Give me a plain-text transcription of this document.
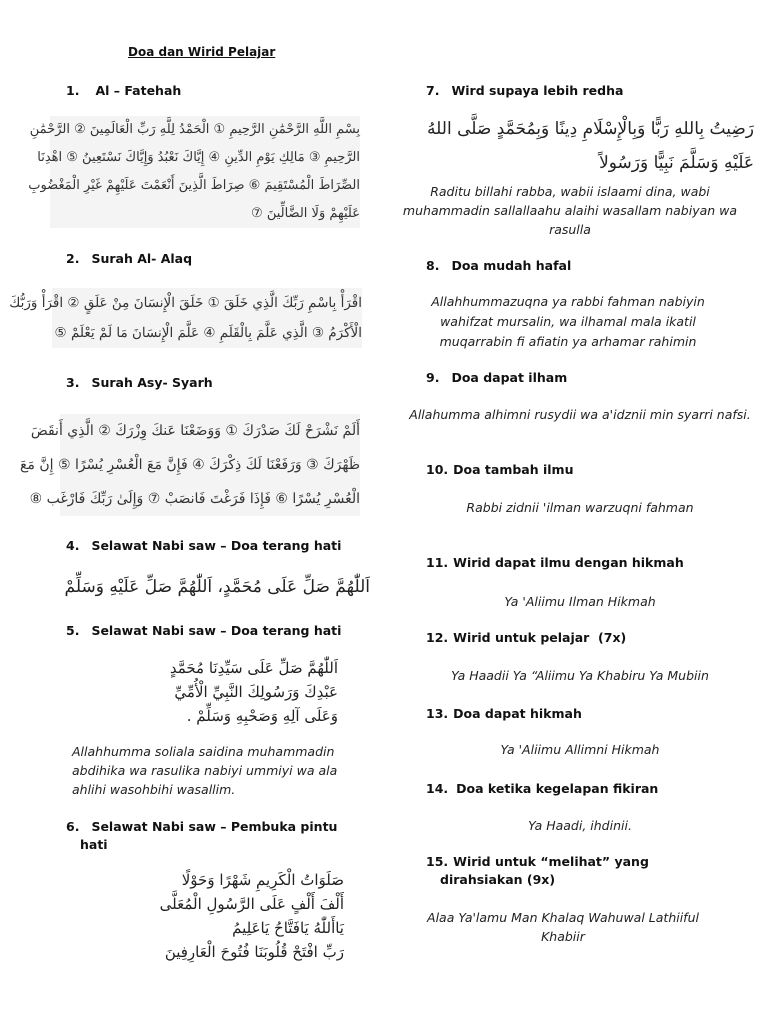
Doa dan Wirid Pelajar
1. Al – Fatehah
بِسْمِ اللَّهِ الرَّحْمَٰنِ الرَّحِيمِ ① الْحَمْدُ لِلَّهِ رَبِّ الْعَالَمِينَ ② الرَّحْمَٰنِ
الرَّحِيمِ ③ مَالِكِ يَوْمِ الدِّينِ ④ إِيَّاكَ نَعْبُدُ وَإِيَّاكَ نَسْتَعِينُ ⑤ اهْدِنَا
الصِّرَاطَ الْمُسْتَقِيمَ ⑥ صِرَاطَ الَّذِينَ أَنْعَمْتَ عَلَيْهِمْ غَيْرِ الْمَغْضُوبِ
عَلَيْهِمْ وَلَا الضَّالِّينَ ⑦
2. Surah Al- Alaq
اقْرَأْ بِاسْمِ رَبِّكَ الَّذِي خَلَقَ ① خَلَقَ الْإِنسَانَ مِنْ عَلَقٍ ② اقْرَأْ وَرَبُّكَ
الْأَكْرَمُ ③ الَّذِي عَلَّمَ بِالْقَلَمِ ④ عَلَّمَ الْإِنسَانَ مَا لَمْ يَعْلَمْ ⑤
3. Surah Asy- Syarh
أَلَمْ نَشْرَحْ لَكَ صَدْرَكَ ① وَوَضَعْنَا عَنكَ وِزْرَكَ ② الَّذِي أَنقَضَ
ظَهْرَكَ ③ وَرَفَعْنَا لَكَ ذِكْرَكَ ④ فَإِنَّ مَعَ الْعُسْرِ يُسْرًا ⑤ إِنَّ مَعَ
الْعُسْرِ يُسْرًا ⑥ فَإِذَا فَرَغْتَ فَانصَبْ ⑦ وَإِلَىٰ رَبِّكَ فَارْغَب ⑧
4. Selawat Nabi saw – Doa terang hati
اَللّٰهُمَّ صَلِّ عَلَى مُحَمَّدٍ، اَللّٰهُمَّ صَلِّ عَلَيْهِ وَسَلِّمْ
5. Selawat Nabi saw – Doa terang hati
اَللّٰهُمَّ صَلِّ عَلَى سَيِّدِنَا مُحَمَّدٍ
عَبْدِكَ وَرَسُولِكَ النَّبِيِّ الْأُمِّيِّ
وَعَلَى آلِهِ وَصَحْبِهِ وَسَلِّمْ .
Allahhumma soliala saidina muhammadin abdihika wa rasulika nabiyi ummiyi wa ala ahlihi wasohbihi wasallim.
6. Selawat Nabi saw – Pembuka pintu
hati
صَلَوَاتُ الْكَرِيمِ شَهْرًا وَحَوْلًا
أَلْفَ أَلْفٍ عَلَى الرَّسُولِ الْمُعَلَّى
يَاأَللّٰهُ يَافَتَّاحُ يَاعَلِيمُ
رَبِّ افْتَحْ قُلُوبَنَا فُتُوحَ الْعَارِفِينَ
7. Wird supaya lebih redha
رَضِيتُ بِاللهِ رَبًّا وَبِالْإِسْلَامِ دِينًا وَبِمُحَمَّدٍ صَلَّى اللهُ
عَلَيْهِ وَسَلَّمَ نَبِيًّا وَرَسُولاً
Raditu billahi rabba, wabii islaami dina, wabi muhammadin sallallaahu alaihi wasallam nabiyan wa rasulla
8. Doa mudah hafal
Allahhummazuqna ya rabbi fahman nabiyin wahifzat mursalin, wa ilhamal mala ikatil muqarrabin fi afiatin ya arhamar rahimin
9. Doa dapat ilham
Allahumma alhimni rusydii wa a'idznii min syarri nafsi.
10. Doa tambah ilmu
Rabbi zidnii 'ilman warzuqni fahman
11. Wirid dapat ilmu dengan hikmah
Ya 'Aliimu Ilman Hikmah
12. Wirid untuk pelajar  (7x)
Ya Haadii Ya “Aliimu Ya Khabiru Ya Mubiin
13. Doa dapat hikmah
Ya 'Aliimu Allimni Hikmah
14. Doa ketika kegelapan fikiran
Ya Haadi, ihdinii.
15. Wirid untuk “melihat” yang
dirahsiakan (9x)
Alaa Ya'lamu Man Khalaq Wahuwal Lathiiful Khabiir
